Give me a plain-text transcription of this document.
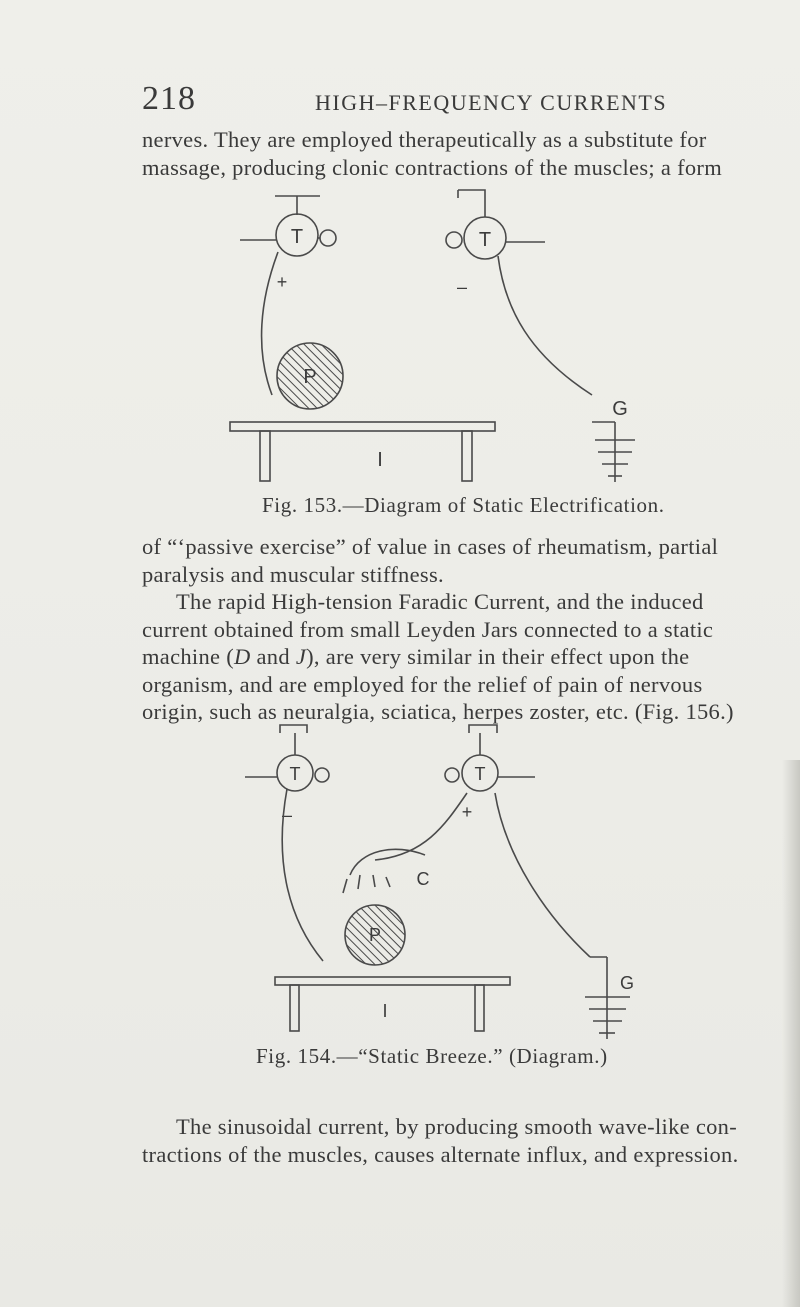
218	HIGH–FREQUENCY CURRENTS
nerves. They are employed therapeutically as a substitute for
massage, producing clonic contractions of the muscles; a form
T
+
T
–
P
I
G
Fig. 153.—Diagram of Static Electrification.
of “‘passive exercise” of value in cases of rheumatism, partial
paralysis and muscular stiffness.
The rapid High-tension Faradic Current, and the induced
current obtained from small Leyden Jars connected to a static
machine (D and J), are very similar in their effect upon the
organism, and are employed for the relief of pain of nervous
origin, such as neuralgia, sciatica, herpes zoster, etc. (Fig. 156.)
T
–
T
+
C
P
I
G
Fig. 154.—“Static Breeze.” (Diagram.)
The sinusoidal current, by producing smooth wave-like con-
tractions of the muscles, causes alternate influx, and expression.
